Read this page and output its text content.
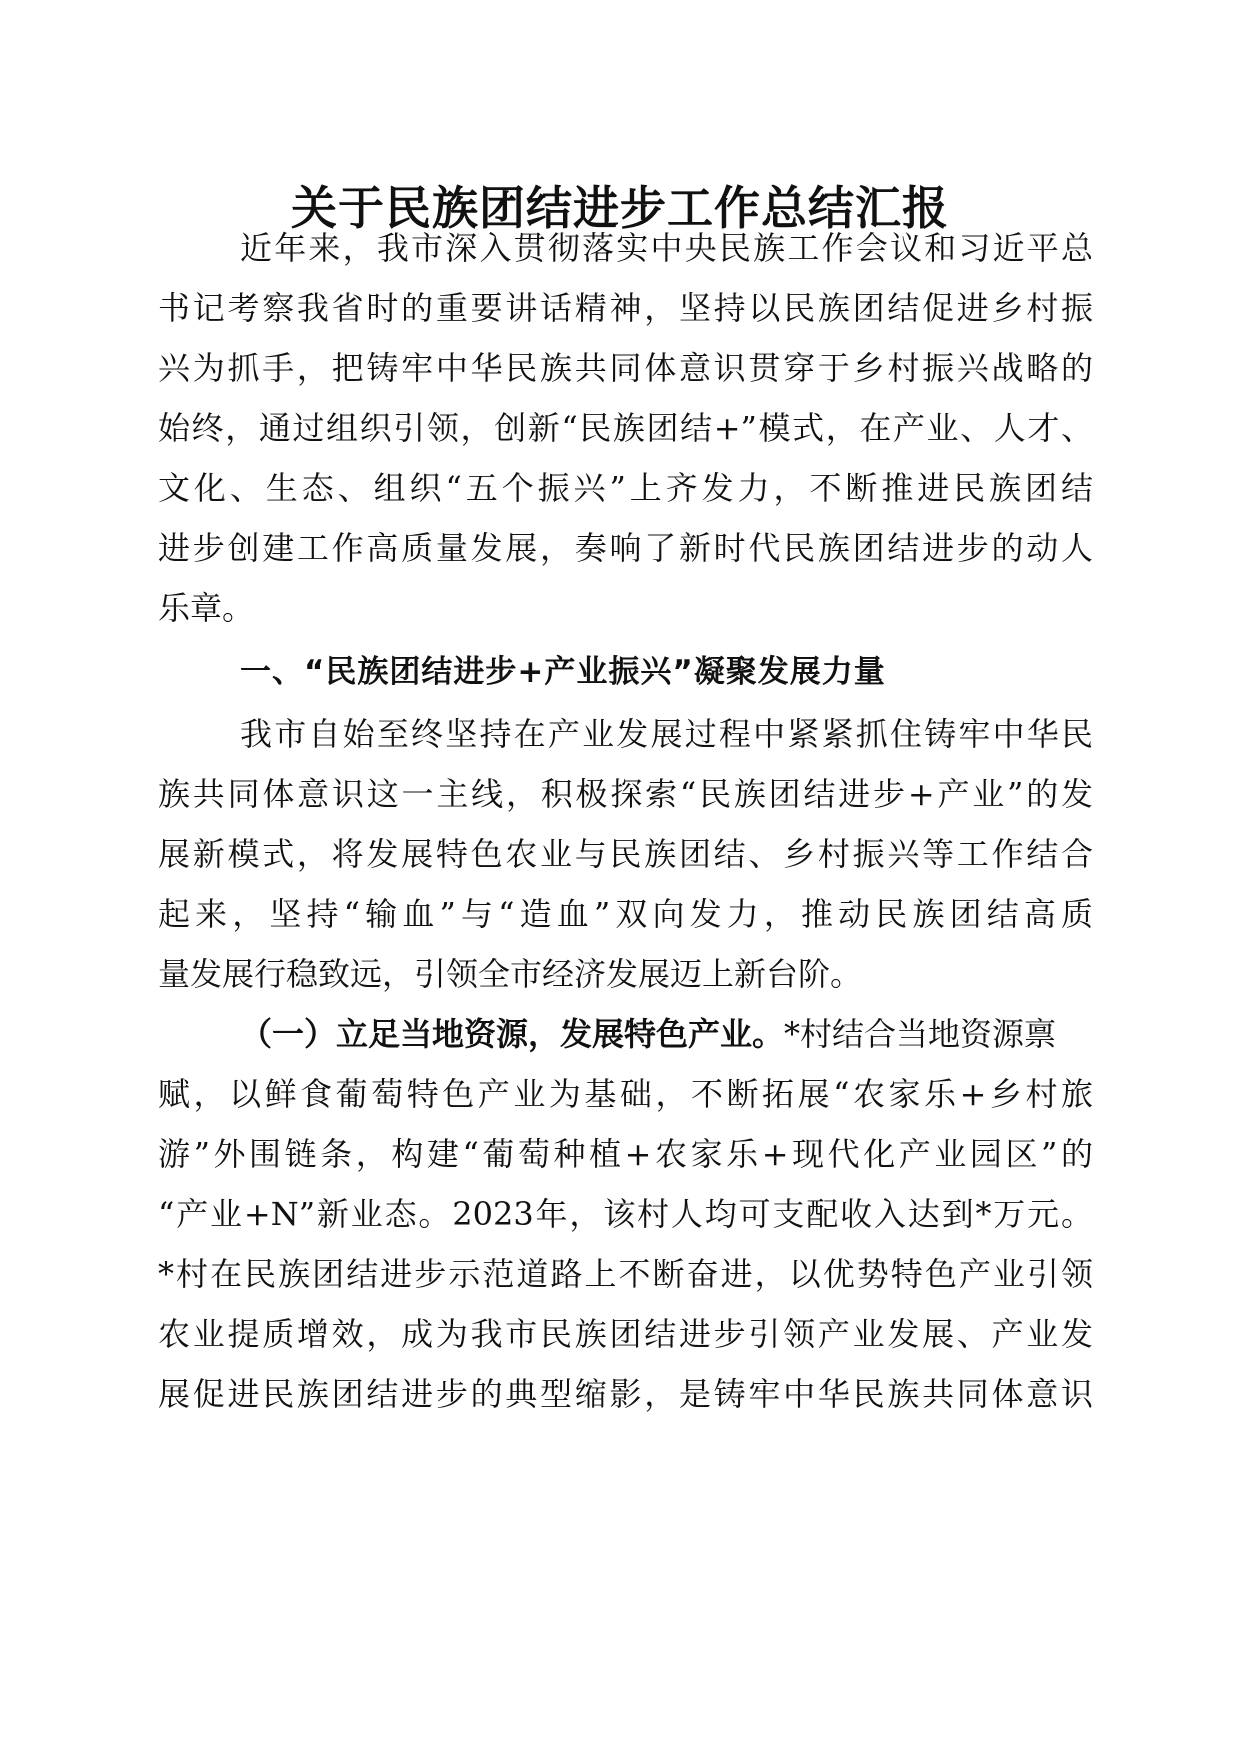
关于民族团结进步工作总结汇报
近年来，我市深入贯彻落实中央民族工作会议和习近平总
书记考察我省时的重要讲话精神，坚持以民族团结促进乡村振
兴为抓手，把铸牢中华民族共同体意识贯穿于乡村振兴战略的
始终，通过组织引领，创新“民族团结+”模式，在产业、人才、
文化、生态、组织“五个振兴”上齐发力，不断推进民族团结
进步创建工作高质量发展，奏响了新时代民族团结进步的动人
乐章。
一、“民族团结进步+产业振兴”凝聚发展力量
我市自始至终坚持在产业发展过程中紧紧抓住铸牢中华民
族共同体意识这一主线，积极探索“民族团结进步+产业”的发
展新模式，将发展特色农业与民族团结、乡村振兴等工作结合
起来，坚持“输血”与“造血”双向发力，推动民族团结高质
量发展行稳致远，引领全市经济发展迈上新台阶。
（一）立足当地资源，发展特色产业。*村结合当地资源禀
赋，以鲜食葡萄特色产业为基础，不断拓展“农家乐+乡村旅
游”外围链条，构建“葡萄种植+农家乐+现代化产业园区”的
“产业+N”新业态。2023年，该村人均可支配收入达到*万元。
*村在民族团结进步示范道路上不断奋进，以优势特色产业引领
农业提质增效，成为我市民族团结进步引领产业发展、产业发
展促进民族团结进步的典型缩影，是铸牢中华民族共同体意识
